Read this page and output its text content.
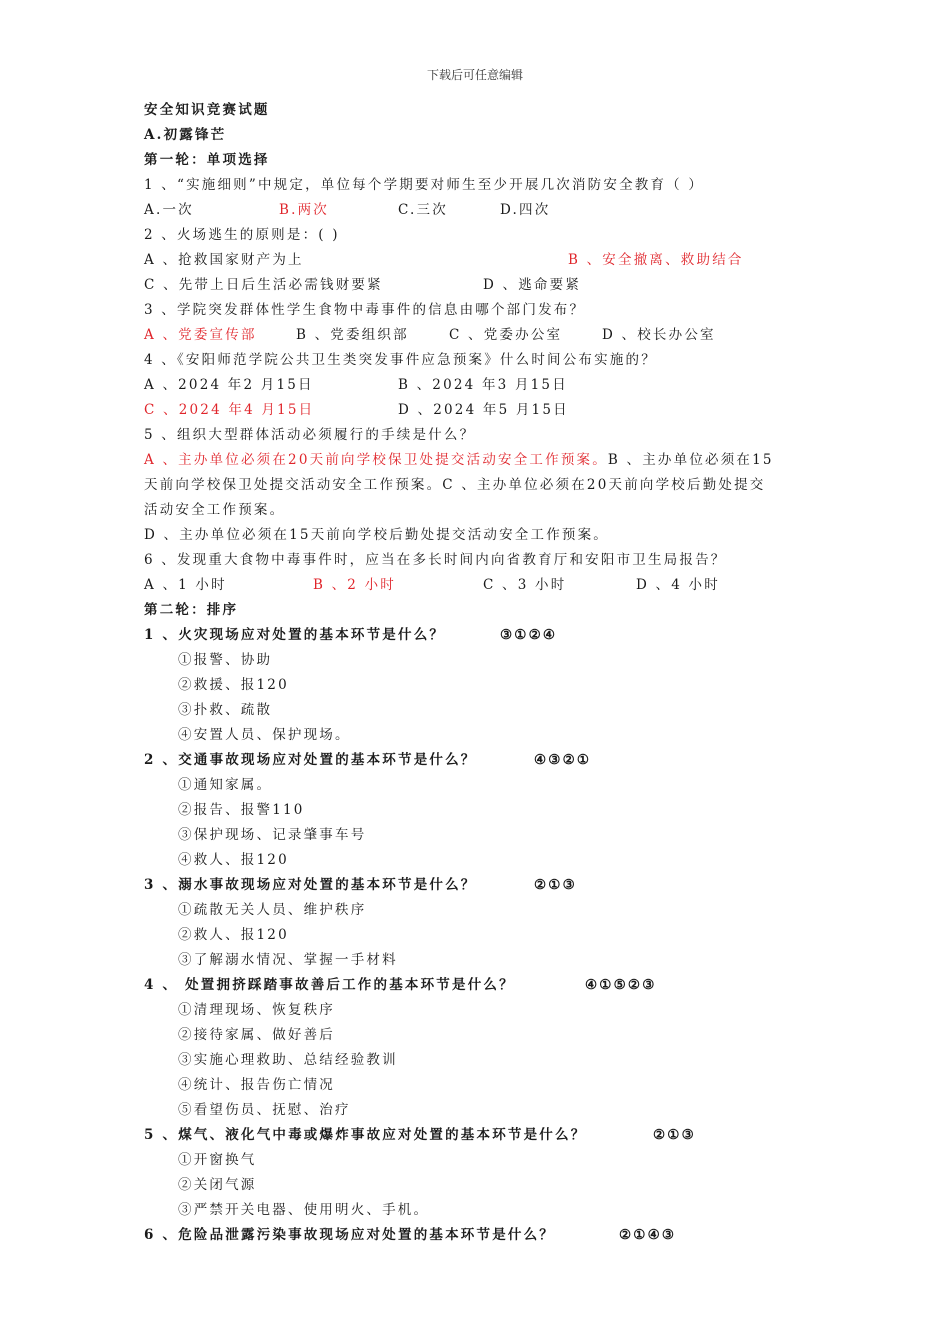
下载后可任意编辑
安全知识竞赛试题
A.初露锋芒
第一轮：单项选择
1 、“实施细则”中规定，单位每个学期要对师生至少开展几次消防安全教育（ ）
A.一次	B.两次	C.三次	D.四次
2 、火场逃生的原则是：( )
A 、抢救国家财产为上	B 、安全撤离、救助结合
C 、先带上日后生活必需钱财要紧	D 、逃命要紧
3 、学院突发群体性学生食物中毒事件的信息由哪个部门发布？
A 、党委宣传部	B 、党委组织部	C 、党委办公室	D 、校长办公室
4 、《安阳师范学院公共卫生类突发事件应急预案》什么时间公布实施的？
A 、2024 年2 月15日	B 、2024 年3 月15日
C 、2024 年4 月15日	D 、2024 年5 月15日
5 、组织大型群体活动必须履行的手续是什么？
A 、主办单位必须在20天前向学校保卫处提交活动安全工作预案。B 、主办单位必须在15
天前向学校保卫处提交活动安全工作预案。C 、主办单位必须在20天前向学校后勤处提交
活动安全工作预案。
D 、主办单位必须在15天前向学校后勤处提交活动安全工作预案。
6 、发现重大食物中毒事件时，应当在多长时间内向省教育厅和安阳市卫生局报告？
A 、1 小时	B 、2 小时	C 、3 小时	D 、4 小时
第二轮：排序
1 、火灾现场应对处置的基本环节是什么？	③①②④
①报警、协助
②救援、报120
③扑救、疏散
④安置人员、保护现场。
2 、交通事故现场应对处置的基本环节是什么？	④③②①
①通知家属。
②报告、报警110
③保护现场、记录肇事车号
④救人、报120
3 、溺水事故现场应对处置的基本环节是什么？	②①③
①疏散无关人员、维护秩序
②救人、报120
③了解溺水情况、掌握一手材料
4 、 处置拥挤踩踏事故善后工作的基本环节是什么？	④①⑤②③
①清理现场、恢复秩序
②接待家属、做好善后
③实施心理救助、总结经验教训
④统计、报告伤亡情况
⑤看望伤员、抚慰、治疗
5 、煤气、液化气中毒或爆炸事故应对处置的基本环节是什么？	②①③
①开窗换气
②关闭气源
③严禁开关电器、使用明火、手机。
6 、危险品泄露污染事故现场应对处置的基本环节是什么？	②①④③
